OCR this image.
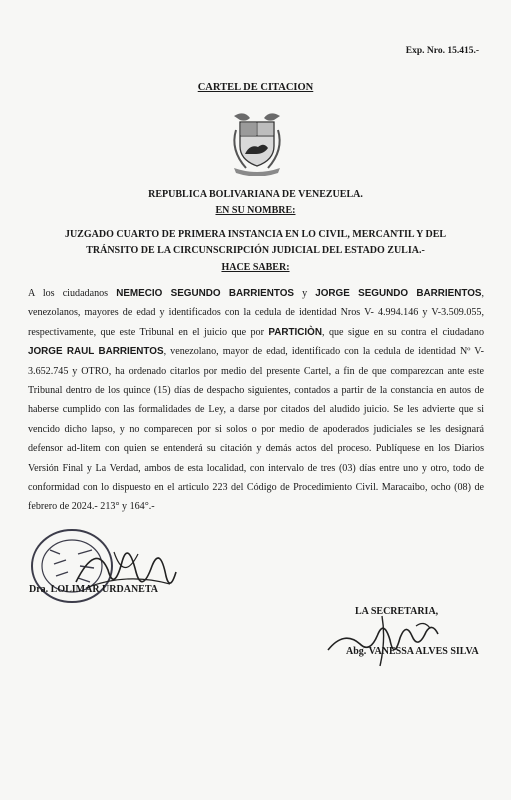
Exp. Nro. 15.415.-
CARTEL DE CITACION
REPUBLICA BOLIVARIANA DE VENEZUELA.
EN SU NOMBRE:
JUZGADO CUARTO DE PRIMERA INSTANCIA EN LO CIVIL, MERCANTIL Y DEL
TRÁNSITO DE LA CIRCUNSCRIPCIÓN JUDICIAL DEL ESTADO ZULIA.-
HACE SABER:
A los ciudadanos NEMECIO SEGUNDO BARRIENTOS y JORGE SEGUNDO BARRIENTOS, venezolanos, mayores de edad y identificados con la cedula de identidad Nros V- 4.994.146 y V-3.509.055, respectivamente, que este Tribunal en el juicio que por PARTICIÒN, que sigue en su contra el ciudadano JORGE RAUL BARRIENTOS, venezolano, mayor de edad, identificado con la cedula de identidad Nº V-3.652.745 y OTRO, ha ordenado citarlos por medio del presente Cartel, a fin de que comparezcan ante este Tribunal dentro de los quince (15) días de despacho siguientes, contados a partir de la constancia en autos de haberse cumplido con las formalidades de Ley, a darse por citados del aludido juicio. Se les advierte que si vencido dicho lapso, y no comparecen por si solos o por medio de apoderados judiciales se les designará defensor ad-litem con quien se entenderá su citación y demás actos del proceso. Publíquese en los Diarios Versión Final y La Verdad, ambos de esta localidad, con intervalo de tres (03) días entre uno y otro, todo de conformidad con lo dispuesto en el articulo 223 del Código de Procedimiento Civil. Maracaibo, ocho (08) de febrero de 2024.- 213° y 164°.-
Dra. LOLIMAR URDANETA
LA SECRETARIA,
Abg. VANESSA ALVES SILVA
